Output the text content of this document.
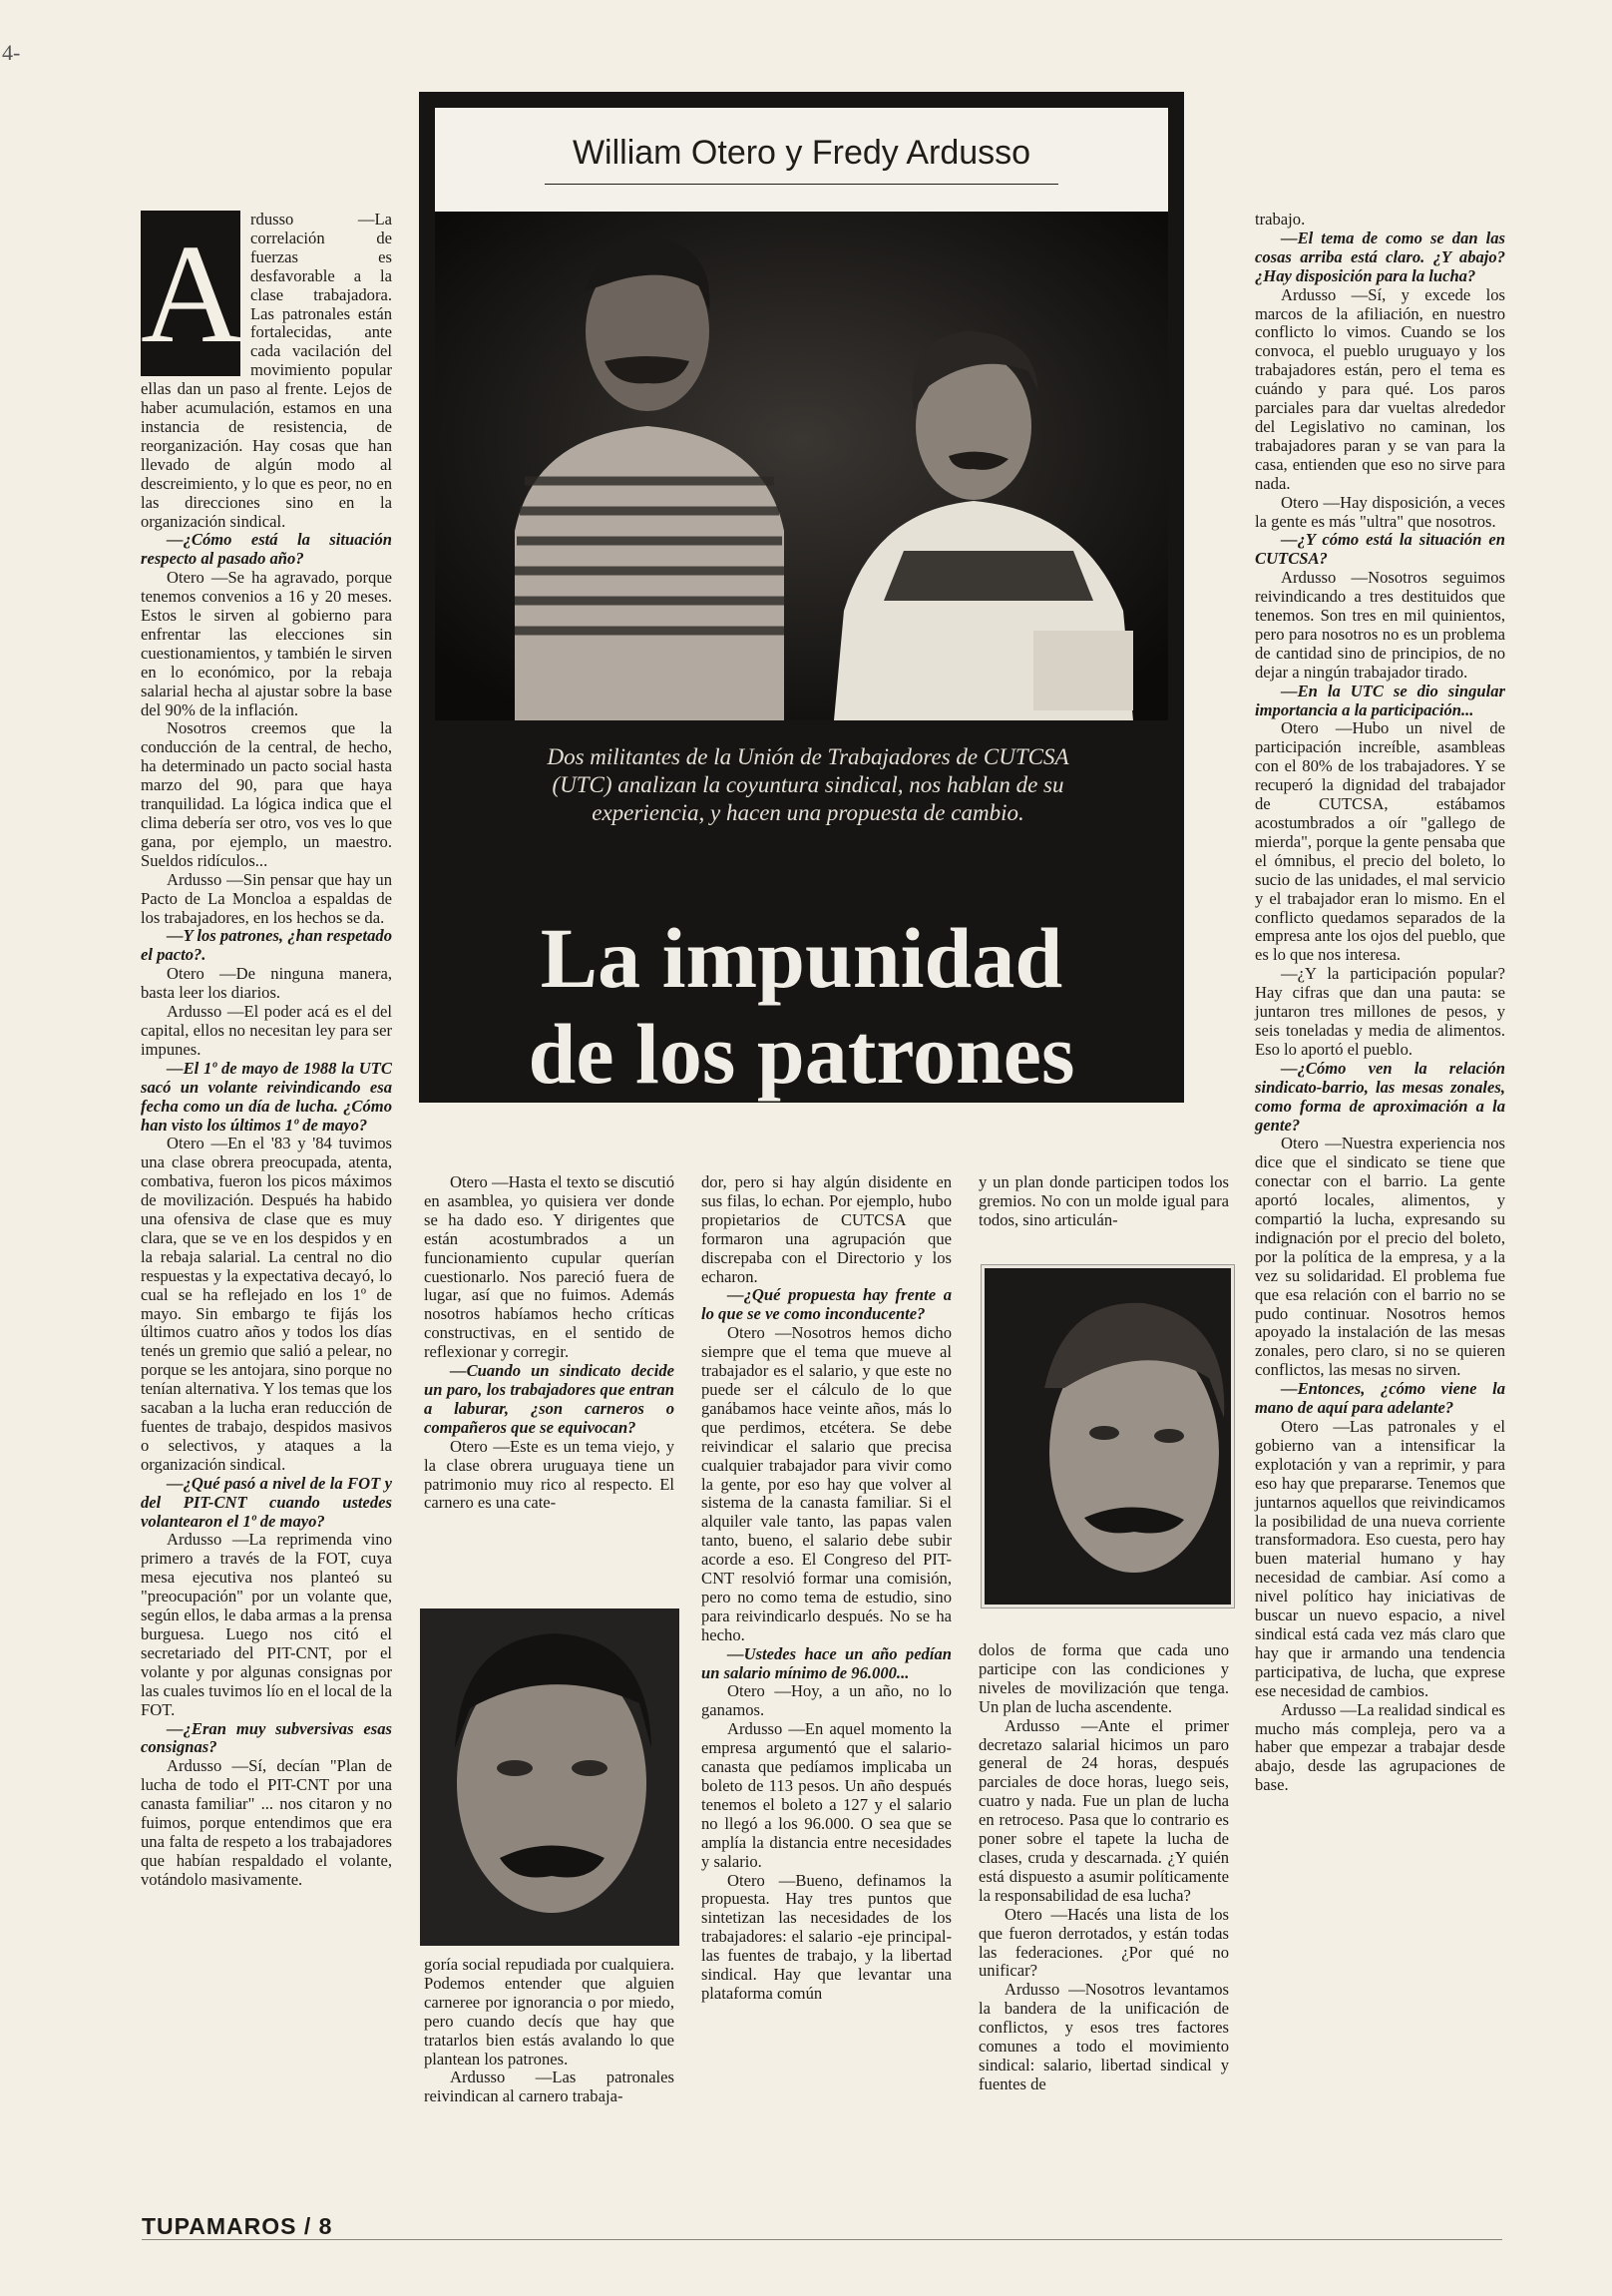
4-
A rdusso —La correlación de fuerzas es desfavorable a la clase trabajadora. Las patronales están fortalecidas, ante cada vacilación del movimiento popular ellas dan un paso al frente. Lejos de haber acumulación, estamos en una instancia de resistencia, de reorganización. Hay cosas que han llevado de algún modo al descreimiento, y lo que es peor, no en las direcciones sino en la organización sindical.

—¿Cómo está la situación respecto al pasado año?

Otero —Se ha agravado, porque tenemos convenios a 16 y 20 meses. Estos le sirven al gobierno para enfrentar las elecciones sin cuestionamientos, y también le sirven en lo económico, por la rebaja salarial hecha al ajustar sobre la base del 90% de la inflación.

Nosotros creemos que la conducción de la central, de hecho, ha determinado un pacto social hasta marzo del 90, para que haya tranquilidad. La lógica indica que el clima debería ser otro, vos ves lo que gana, por ejemplo, un maestro. Sueldos ridículos...

Ardusso —Sin pensar que hay un Pacto de La Moncloa a espaldas de los trabajadores, en los hechos se da.

—Y los patrones, ¿han respetado el pacto?.

Otero —De ninguna manera, basta leer los diarios.

Ardusso —El poder acá es el del capital, ellos no necesitan ley para ser impunes.

—El 1º de mayo de 1988 la UTC sacó un volante reivindicando esa fecha como un día de lucha. ¿Cómo han visto los últimos 1º de mayo?

Otero —En el '83 y '84 tuvimos una clase obrera preocupada, atenta, combativa, fueron los picos máximos de movilización. Después ha habido una ofensiva de clase que es muy clara, que se ve en los despidos y en la rebaja salarial. La central no dio respuestas y la expectativa decayó, lo cual se ha reflejado en los 1º de mayo. Sin embargo te fijás los últimos cuatro años y todos los días tenés un gremio que salió a pelear, no porque se les antojara, sino porque no tenían alternativa. Y los temas que los sacaban a la lucha eran reducción de fuentes de trabajo, despidos masivos o selectivos, y ataques a la organización sindical.

—¿Qué pasó a nivel de la FOT y del PIT-CNT cuando ustedes volantearon el 1º de mayo?

Ardusso —La reprimenda vino primero a través de la FOT, cuya mesa ejecutiva nos planteó su "preocupación" por un volante que, según ellos, le daba armas a la prensa burguesa. Luego nos citó el secretariado del PIT-CNT, por el volante y por algunas consignas por las cuales tuvimos lío en el local de la FOT.

—¿Eran muy subversivas esas consignas?

Ardusso —Sí, decían "Plan de lucha de todo el PIT-CNT por una canasta familiar" ... nos citaron y no fuimos, porque entendimos que era una falta de respeto a los trabajadores que habían respaldado el volante, votándolo masivamente.

William Otero y Fredy Ardusso
Dos militantes de la Unión de Trabajadores de CUTCSA (UTC) analizan la coyuntura sindical, nos hablan de su experiencia, y hacen una propuesta de cambio.
La impunidad
de los patrones

Otero —Hasta el texto se discutió en asamblea, yo quisiera ver donde se ha dado eso. Y dirigentes que están acostumbrados a un funcionamiento cupular querían cuestionarlo. Nos pareció fuera de lugar, así que no fuimos. Además nosotros habíamos hecho críticas constructivas, en el sentido de reflexionar y corregir.

—Cuando un sindicato decide un paro, los trabajadores que entran a laburar, ¿son carneros o compañeros que se equivocan?

Otero —Este es un tema viejo, y la clase obrera uruguaya tiene un patrimonio muy rico al respecto. El carnero es una cate-

goría social repudiada por cualquiera. Podemos entender que alguien carneree por ignorancia o por miedo, pero cuando decís que hay que tratarlos bien estás avalando lo que plantean los patrones.

Ardusso —Las patronales reivindican al carnero trabaja-

dor, pero si hay algún disidente en sus filas, lo echan. Por ejemplo, hubo propietarios de CUTCSA que formaron una agrupación que discrepaba con el Directorio y los echaron.

—¿Qué propuesta hay frente a lo que se ve como inconducente?

Otero —Nosotros hemos dicho siempre que el tema que mueve al trabajador es el salario, y que este no puede ser el cálculo de lo que ganábamos hace veinte años, más lo que perdimos, etcétera. Se debe reivindicar el salario que precisa cualquier trabajador para vivir como la gente, por eso hay que volver al sistema de la canasta familiar. Si el alquiler vale tanto, las papas valen tanto, bueno, el salario debe subir acorde a eso. El Congreso del PIT-CNT resolvió formar una comisión, pero no como tema de estudio, sino para reivindicarlo después. No se ha hecho.

—Ustedes hace un año pedían un salario mínimo de 96.000...

Otero —Hoy, a un año, no lo ganamos.

Ardusso —En aquel momento la empresa argumentó que el salario-canasta que pedíamos implicaba un boleto de 113 pesos. Un año después tenemos el boleto a 127 y el salario no llegó a los 96.000. O sea que se amplía la distancia entre necesidades y salario.

Otero —Bueno, definamos la propuesta. Hay tres puntos que sintetizan las necesidades de los trabajadores: el salario -eje principal- las fuentes de trabajo, y la libertad sindical. Hay que levantar una plataforma común

y un plan donde participen todos los gremios. No con un molde igual para todos, sino articulán-

dolos de forma que cada uno participe con las condiciones y niveles de movilización que tenga. Un plan de lucha ascendente.

Ardusso —Ante el primer decretazo salarial hicimos un paro general de 24 horas, después parciales de doce horas, luego seis, cuatro y nada. Fue un plan de lucha en retroceso. Pasa que lo contrario es poner sobre el tapete la lucha de clases, cruda y descarnada. ¿Y quién está dispuesto a asumir políticamente la responsabilidad de esa lucha?

Otero —Hacés una lista de los que fueron derrotados, y están todas las federaciones. ¿Por qué no unificar?

Ardusso —Nosotros levantamos la bandera de la unificación de conflictos, y esos tres factores comunes a todo el movimiento sindical: salario, libertad sindical y fuentes de

trabajo.

—El tema de como se dan las cosas arriba está claro. ¿Y abajo? ¿Hay disposición para la lucha?

Ardusso —Sí, y excede los marcos de la afiliación, en nuestro conflicto lo vimos. Cuando se los convoca, el pueblo uruguayo y los trabajadores están, pero el tema es cuándo y para qué. Los paros parciales para dar vueltas alrededor del Legislativo no caminan, los trabajadores paran y se van para la casa, entienden que eso no sirve para nada.

Otero —Hay disposición, a veces la gente es más "ultra" que nosotros.

—¿Y cómo está la situación en CUTCSA?

Ardusso —Nosotros seguimos reivindicando a tres destituidos que tenemos. Son tres en mil quinientos, pero para nosotros no es un problema de cantidad sino de principios, de no dejar a ningún trabajador tirado.

—En la UTC se dio singular importancia a la participación...

Otero —Hubo un nivel de participación increíble, asambleas con el 80% de los trabajadores. Y se recuperó la dignidad del trabajador de CUTCSA, estábamos acostumbrados a oír "gallego de mierda", porque la gente pensaba que el ómnibus, el precio del boleto, lo sucio de las unidades, el mal servicio y el trabajador eran lo mismo. En el conflicto quedamos separados de la empresa ante los ojos del pueblo, que es lo que nos interesa.

—¿Y la participación popular? Hay cifras que dan una pauta: se juntaron tres millones de pesos, y seis toneladas y media de alimentos. Eso lo aportó el pueblo.

—¿Cómo ven la relación sindicato-barrio, las mesas zonales, como forma de aproximación a la gente?

Otero —Nuestra experiencia nos dice que el sindicato se tiene que conectar con el barrio. La gente aportó locales, alimentos, y compartió la lucha, expresando su indignación por el precio del boleto, por la política de la empresa, y a la vez su solidaridad. El problema fue que esa relación con el barrio no se pudo continuar. Nosotros hemos apoyado la instalación de las mesas zonales, pero claro, si no se quieren conflictos, las mesas no sirven.

—Entonces, ¿cómo viene la mano de aquí para adelante?

Otero —Las patronales y el gobierno van a intensificar la explotación y van a reprimir, y para eso hay que prepararse. Tenemos que juntarnos aquellos que reivindicamos la posibilidad de una nueva corriente transformadora. Eso cuesta, pero hay buen material humano y hay necesidad de cambiar. Así como a nivel político hay iniciativas de buscar un nuevo espacio, a nivel sindical está cada vez más claro que hay que ir armando una tendencia participativa, de lucha, que exprese ese necesidad de cambios.

Ardusso —La realidad sindical es mucho más compleja, pero va a haber que empezar a trabajar desde abajo, desde las agrupaciones de base.

TUPAMAROS / 8
